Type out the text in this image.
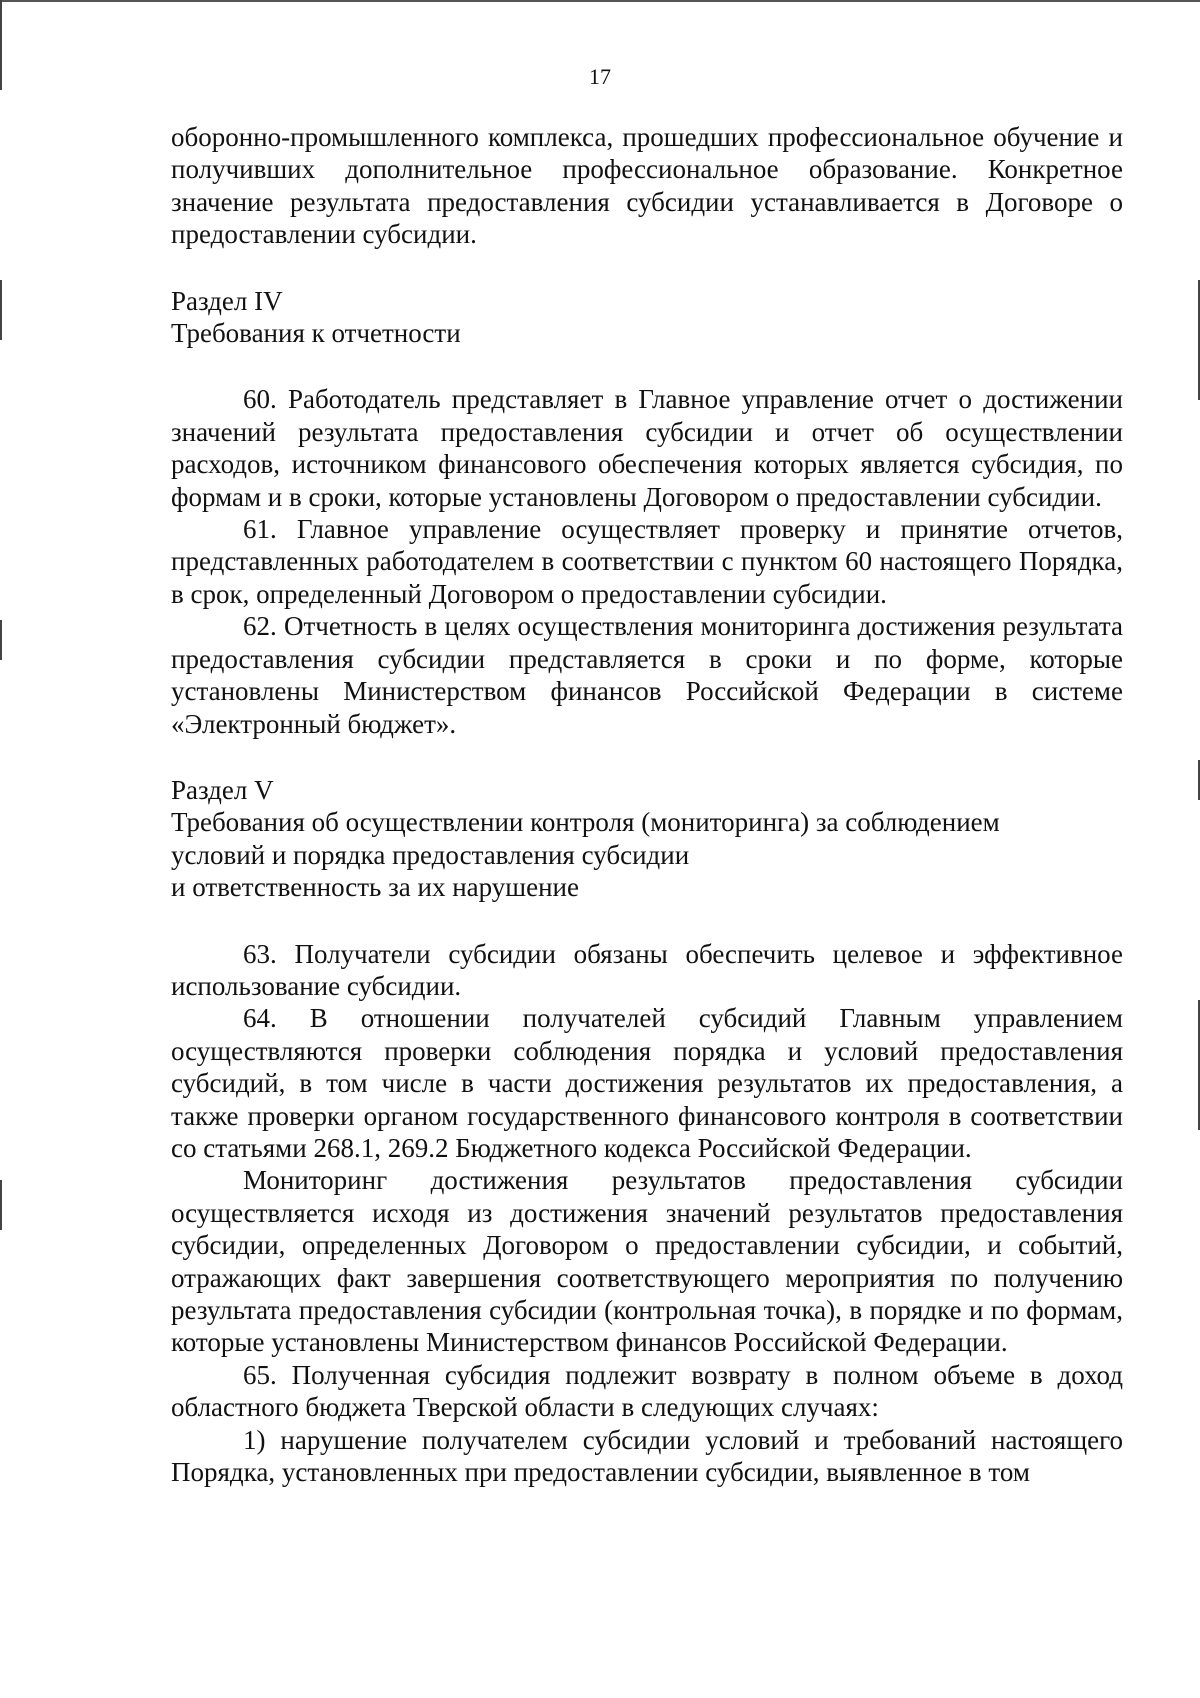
17

оборонно-промышленного комплекса, прошедших профессиональное обучение и получивших дополнительное профессиональное образование. Конкретное значение результата предоставления субсидии устанавливается в Договоре о предоставлении субсидии.

Раздел IV

Требования к отчетности

60. Работодатель представляет в Главное управление отчет о достижении значений результата предоставления субсидии и отчет об осуществлении расходов, источником финансового обеспечения которых является субсидия, по формам и в сроки, которые установлены Договором о предоставлении субсидии.

61. Главное управление осуществляет проверку и принятие отчетов, представленных работодателем в соответствии с пунктом 60 настоящего Порядка, в срок, определенный Договором о предоставлении субсидии.

62. Отчетность в целях осуществления мониторинга достижения результата предоставления субсидии представляется в сроки и по форме, которые установлены Министерством финансов Российской Федерации в системе «Электронный бюджет».

Раздел V

Требования об осуществлении контроля (мониторинга) за соблюдением

условий и порядка предоставления субсидии

и ответственность за их нарушение

63. Получатели субсидии обязаны обеспечить целевое и эффективное использование субсидии.

64. В отношении получателей субсидий Главным управлением осуществляются проверки соблюдения порядка и условий предоставления субсидий, в том числе в части достижения результатов их предоставления, а также проверки органом государственного финансового контроля в соответствии со статьями 268.1, 269.2 Бюджетного кодекса Российской Федерации.

Мониторинг достижения результатов предоставления субсидии осуществляется исходя из достижения значений результатов предоставления субсидии, определенных Договором о предоставлении субсидии, и событий, отражающих факт завершения соответствующего мероприятия по получению результата предоставления субсидии (контрольная точка), в порядке и по формам, которые установлены Министерством финансов Российской Федерации.

65. Полученная субсидия подлежит возврату в полном объеме в доход областного бюджета Тверской области в следующих случаях:

1) нарушение получателем субсидии условий и требований настоящего Порядка, установленных при предоставлении субсидии, выявленное в том
